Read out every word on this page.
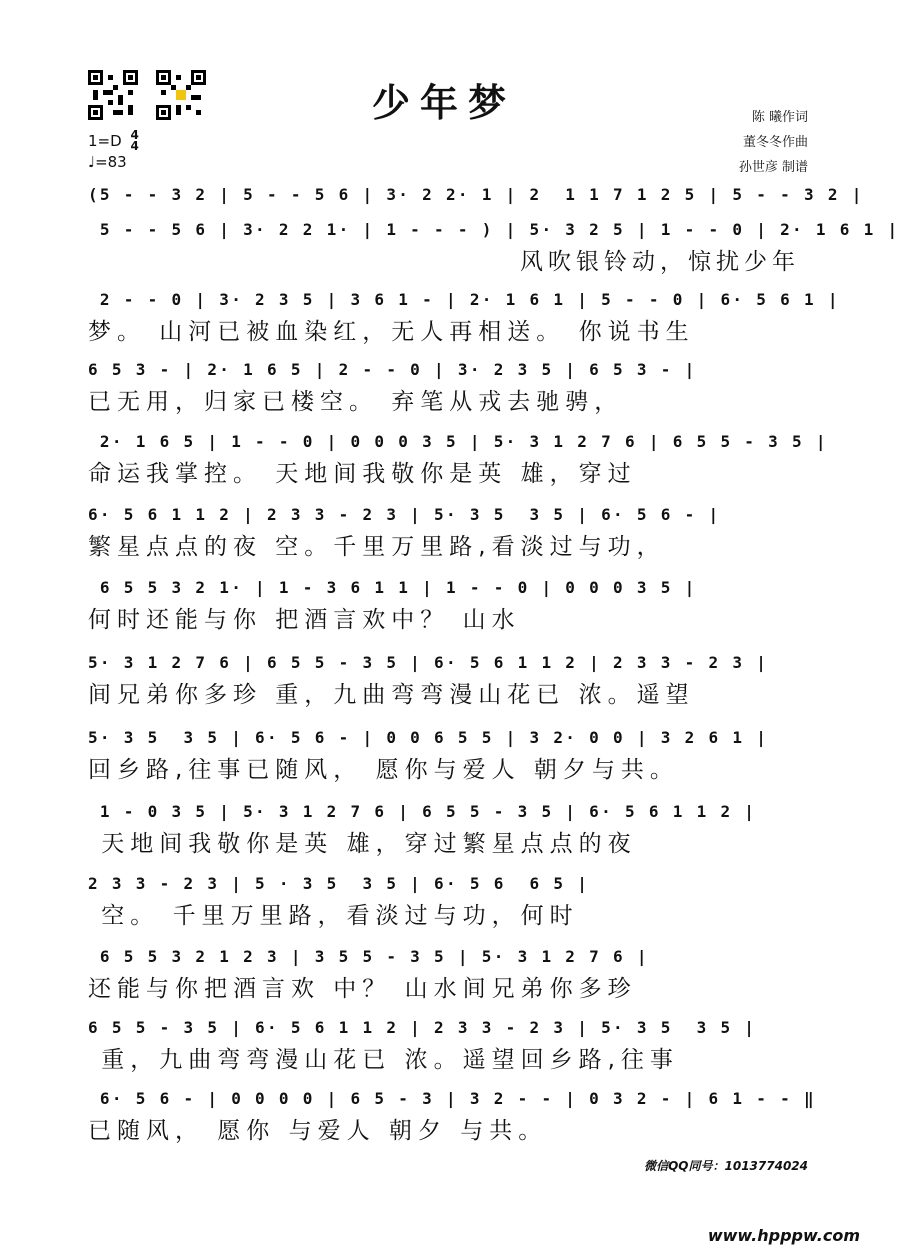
少年梦	陈 曦作词
董冬冬作曲
孙世彦 制谱
1=D 4
4
♩=83
(5 - - 3 2 | 5 - - 5 6 | 3· 2 2· 1 | 2  1 1 7 1 2 5 | 5 - - 3 2 |
5 - - 5 6 | 3· 2 2 1· | 1 - - - ) | 5· 3 2 5 | 1 - - 0 | 2· 1 6 1 |
风吹银铃动，惊扰少年
2 - - 0 | 3· 2 3 5 | 3 6 1 - | 2· 1 6 1 | 5 - - 0 | 6· 5 6 1 |
梦。 山河已被血染红，无人再相送。 你说书生
6 5 3 - | 2· 1 6 5 | 2 - - 0 | 3· 2 3 5 | 6 5 3 - |
已无用，归家已楼空。 弃笔从戎去驰骋，
2· 1 6 5 | 1 - - 0 | 0 0 0 3 5 | 5· 3 1 2 7 6 | 6 5 5 - 3 5 |
命运我掌控。 天地间我敬你是英 雄，穿过
6· 5 6 1 1 2 | 2 3 3 - 2 3 | 5· 3 5  3 5 | 6· 5 6 - |
繁星点点的夜 空。千里万里路,看淡过与功，
6 5 5 3 2 1· | 1 - 3 6 1 1 | 1 - - 0 | 0 0 0 3 5 |
何时还能与你 把酒言欢中？ 山水
5· 3 1 2 7 6 | 6 5 5 - 3 5 | 6· 5 6 1 1 2 | 2 3 3 - 2 3 |
间兄弟你多珍 重，九曲弯弯漫山花已 浓。遥望
5· 3 5  3 5 | 6· 5 6 - | 0 0 6 5 5 | 3 2· 0 0 | 3 2 6 1 |
回乡路,往事已随风， 愿你与爱人 朝夕与共。
1 - 0 3 5 | 5· 3 1 2 7 6 | 6 5 5 - 3 5 | 6· 5 6 1 1 2 |
天地间我敬你是英 雄，穿过繁星点点的夜
2 3 3 - 2 3 | 5 · 3 5  3 5 | 6· 5 6  6 5 |
空。 千里万里路，看淡过与功，何时
6 5 5 3 2 1 2 3 | 3 5 5 - 3 5 | 5· 3 1 2 7 6 |
还能与你把酒言欢 中？ 山水间兄弟你多珍
6 5 5 - 3 5 | 6· 5 6 1 1 2 | 2 3 3 - 2 3 | 5· 3 5  3 5 |
重，九曲弯弯漫山花已 浓。遥望回乡路,往事
6· 5 6 - | 0 0 0 0 | 6 5 - 3 | 3 2 - - | 0 3 2 - | 6 1 - - ‖
已随风， 愿你 与爱人 朝夕 与共。
微信QQ同号：1013774024
www.hpppw.com
